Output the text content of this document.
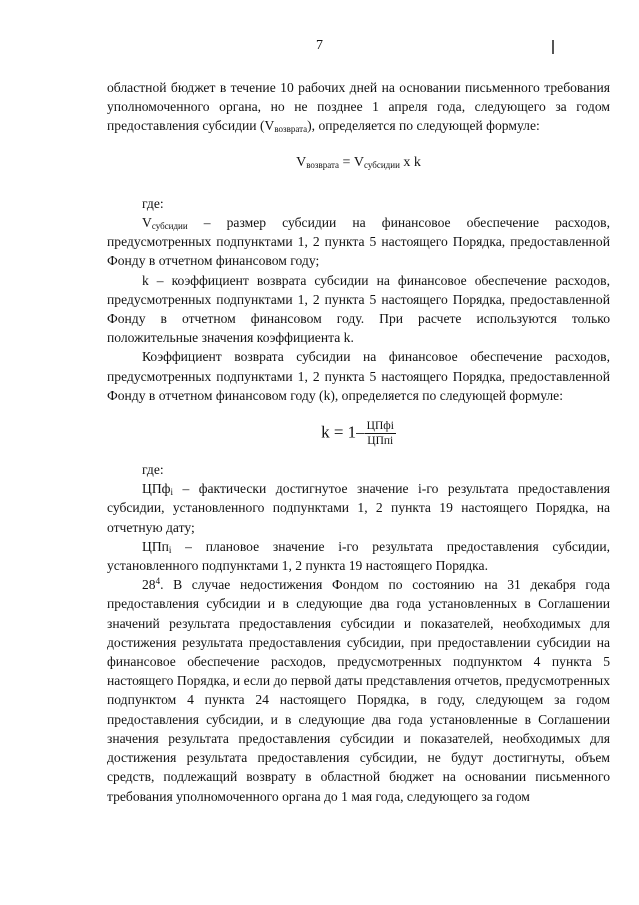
7

областной бюджет в течение 10 рабочих дней на основании письменного требования уполномоченного органа, но не позднее 1 апреля года, следующего за годом предоставления субсидии $(V_{возврата})$, определяется по следующей формуле:

$V_{возврата} = V_{субсидии}$ x k

где:

$V_{субсидии}$ – размер субсидии на финансовое обеспечение расходов, предусмотренных подпунктами 1, 2 пункта 5 настоящего Порядка, предоставленной Фонду в отчетном финансовом году;

k – коэффициент возврата субсидии на финансовое обеспечение расходов, предусмотренных подпунктами 1, 2 пункта 5 настоящего Порядка, предоставленной Фонду в отчетном финансовом году. При расчете используются только положительные значения коэффициента k.

Коэффициент возврата субсидии на финансовое обеспечение расходов, предусмотренных подпунктами 1, 2 пункта 5 настоящего Порядка, предоставленной Фонду в отчетном финансовом году (k), определяется по следующей формуле:

$k = 1- \frac{\text{ЦПфi}}{\text{ЦПпi}}$

где:

ЦПф$_i$ – фактически достигнутое значение i-го результата предоставления субсидии, установленного подпунктами 1, 2 пункта 19 настоящего Порядка, на отчетную дату;

ЦПп$_i$ – плановое значение i-го результата предоставления субсидии, установленного подпунктами 1, 2 пункта 19 настоящего Порядка.

$28^4$. В случае недостижения Фондом по состоянию на 31 декабря года предоставления субсидии и в следующие два года установленных в Соглашении значений результата предоставления субсидии и показателей, необходимых для достижения результата предоставления субсидии, при предоставлении субсидии на финансовое обеспечение расходов, предусмотренных подпунктом 4 пункта 5 настоящего Порядка, и если до первой даты представления отчетов, предусмотренных подпунктом 4 пункта 24 настоящего Порядка, в году, следующем за годом предоставления субсидии, и в следующие два года установленные в Соглашении значения результата предоставления субсидии и показателей, необходимых для достижения результата предоставления субсидии, не будут достигнуты, объем средств, подлежащий возврату в областной бюджет на основании письменного требования уполномоченного органа до 1 мая года, следующего за годом
